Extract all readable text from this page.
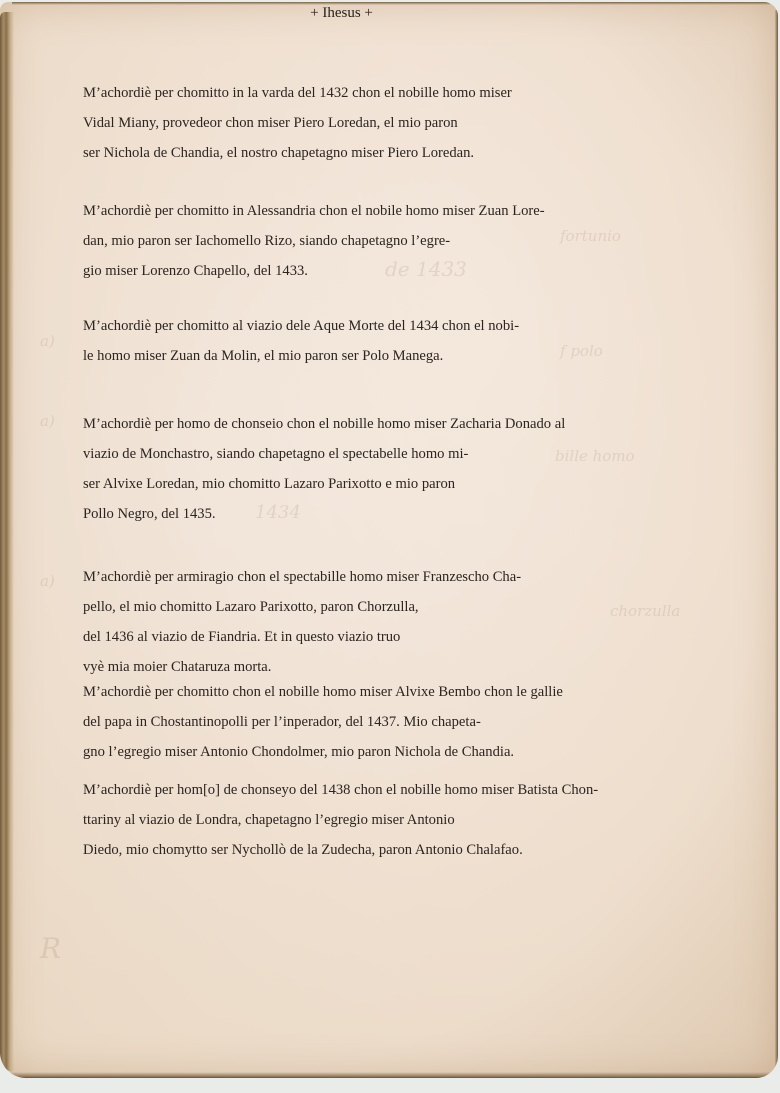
fortunio
de 1433
a)
f polo
a)
bille homo
1434
a)
chorzulla
R
+ Ihesus +
M’achordiè per chomitto in la varda del 1432 chon el nobille homo miser
Vidal Miany, provedeor chon miser Piero Loredan, el mio paron
ser Nichola de Chandia, el nostro chapetagno miser Piero Loredan.
M’achordiè per chomitto in Alessandria chon el nobile homo miser Zuan Lore-
dan, mio paron ser Iachomello Rizo, siando chapetagno l’egre-
gio miser Lorenzo Chapello, del 1433.
M’achordiè per chomitto al viazio dele Aque Morte del 1434 chon el nobi-
le homo miser Zuan da Molin, el mio paron ser Polo Manega.
M’achordiè per homo de chonseio chon el nobille homo miser Zacharia Donado al
viazio de Monchastro, siando chapetagno el spectabelle homo mi-
ser Alvixe Loredan, mio chomitto Lazaro Parixotto e mio paron
Pollo Negro, del 1435.
M’achordiè per armiragio chon el spectabille homo miser Franzescho Cha-
pello, el mio chomitto Lazaro Parixotto, paron Chorzulla,
del 1436 al viazio de Fiandria. Et in questo viazio truo
vyè mia moier Chataruza morta.
M’achordiè per chomitto chon el nobille homo miser Alvixe Bembo chon le gallie
del papa in Chostantinopolli per l’inperador, del 1437. Mio chapeta-
gno l’egregio miser Antonio Chondolmer, mio paron Nichola de Chandia.
M’achordiè per hom[o] de chonseyo del 1438 chon el nobille homo miser Batista Chon-
ttariny al viazio de Londra, chapetagno l’egregio miser Antonio
Diedo, mio chomytto ser Nychollò de la Zudecha, paron Antonio Chalafao.
